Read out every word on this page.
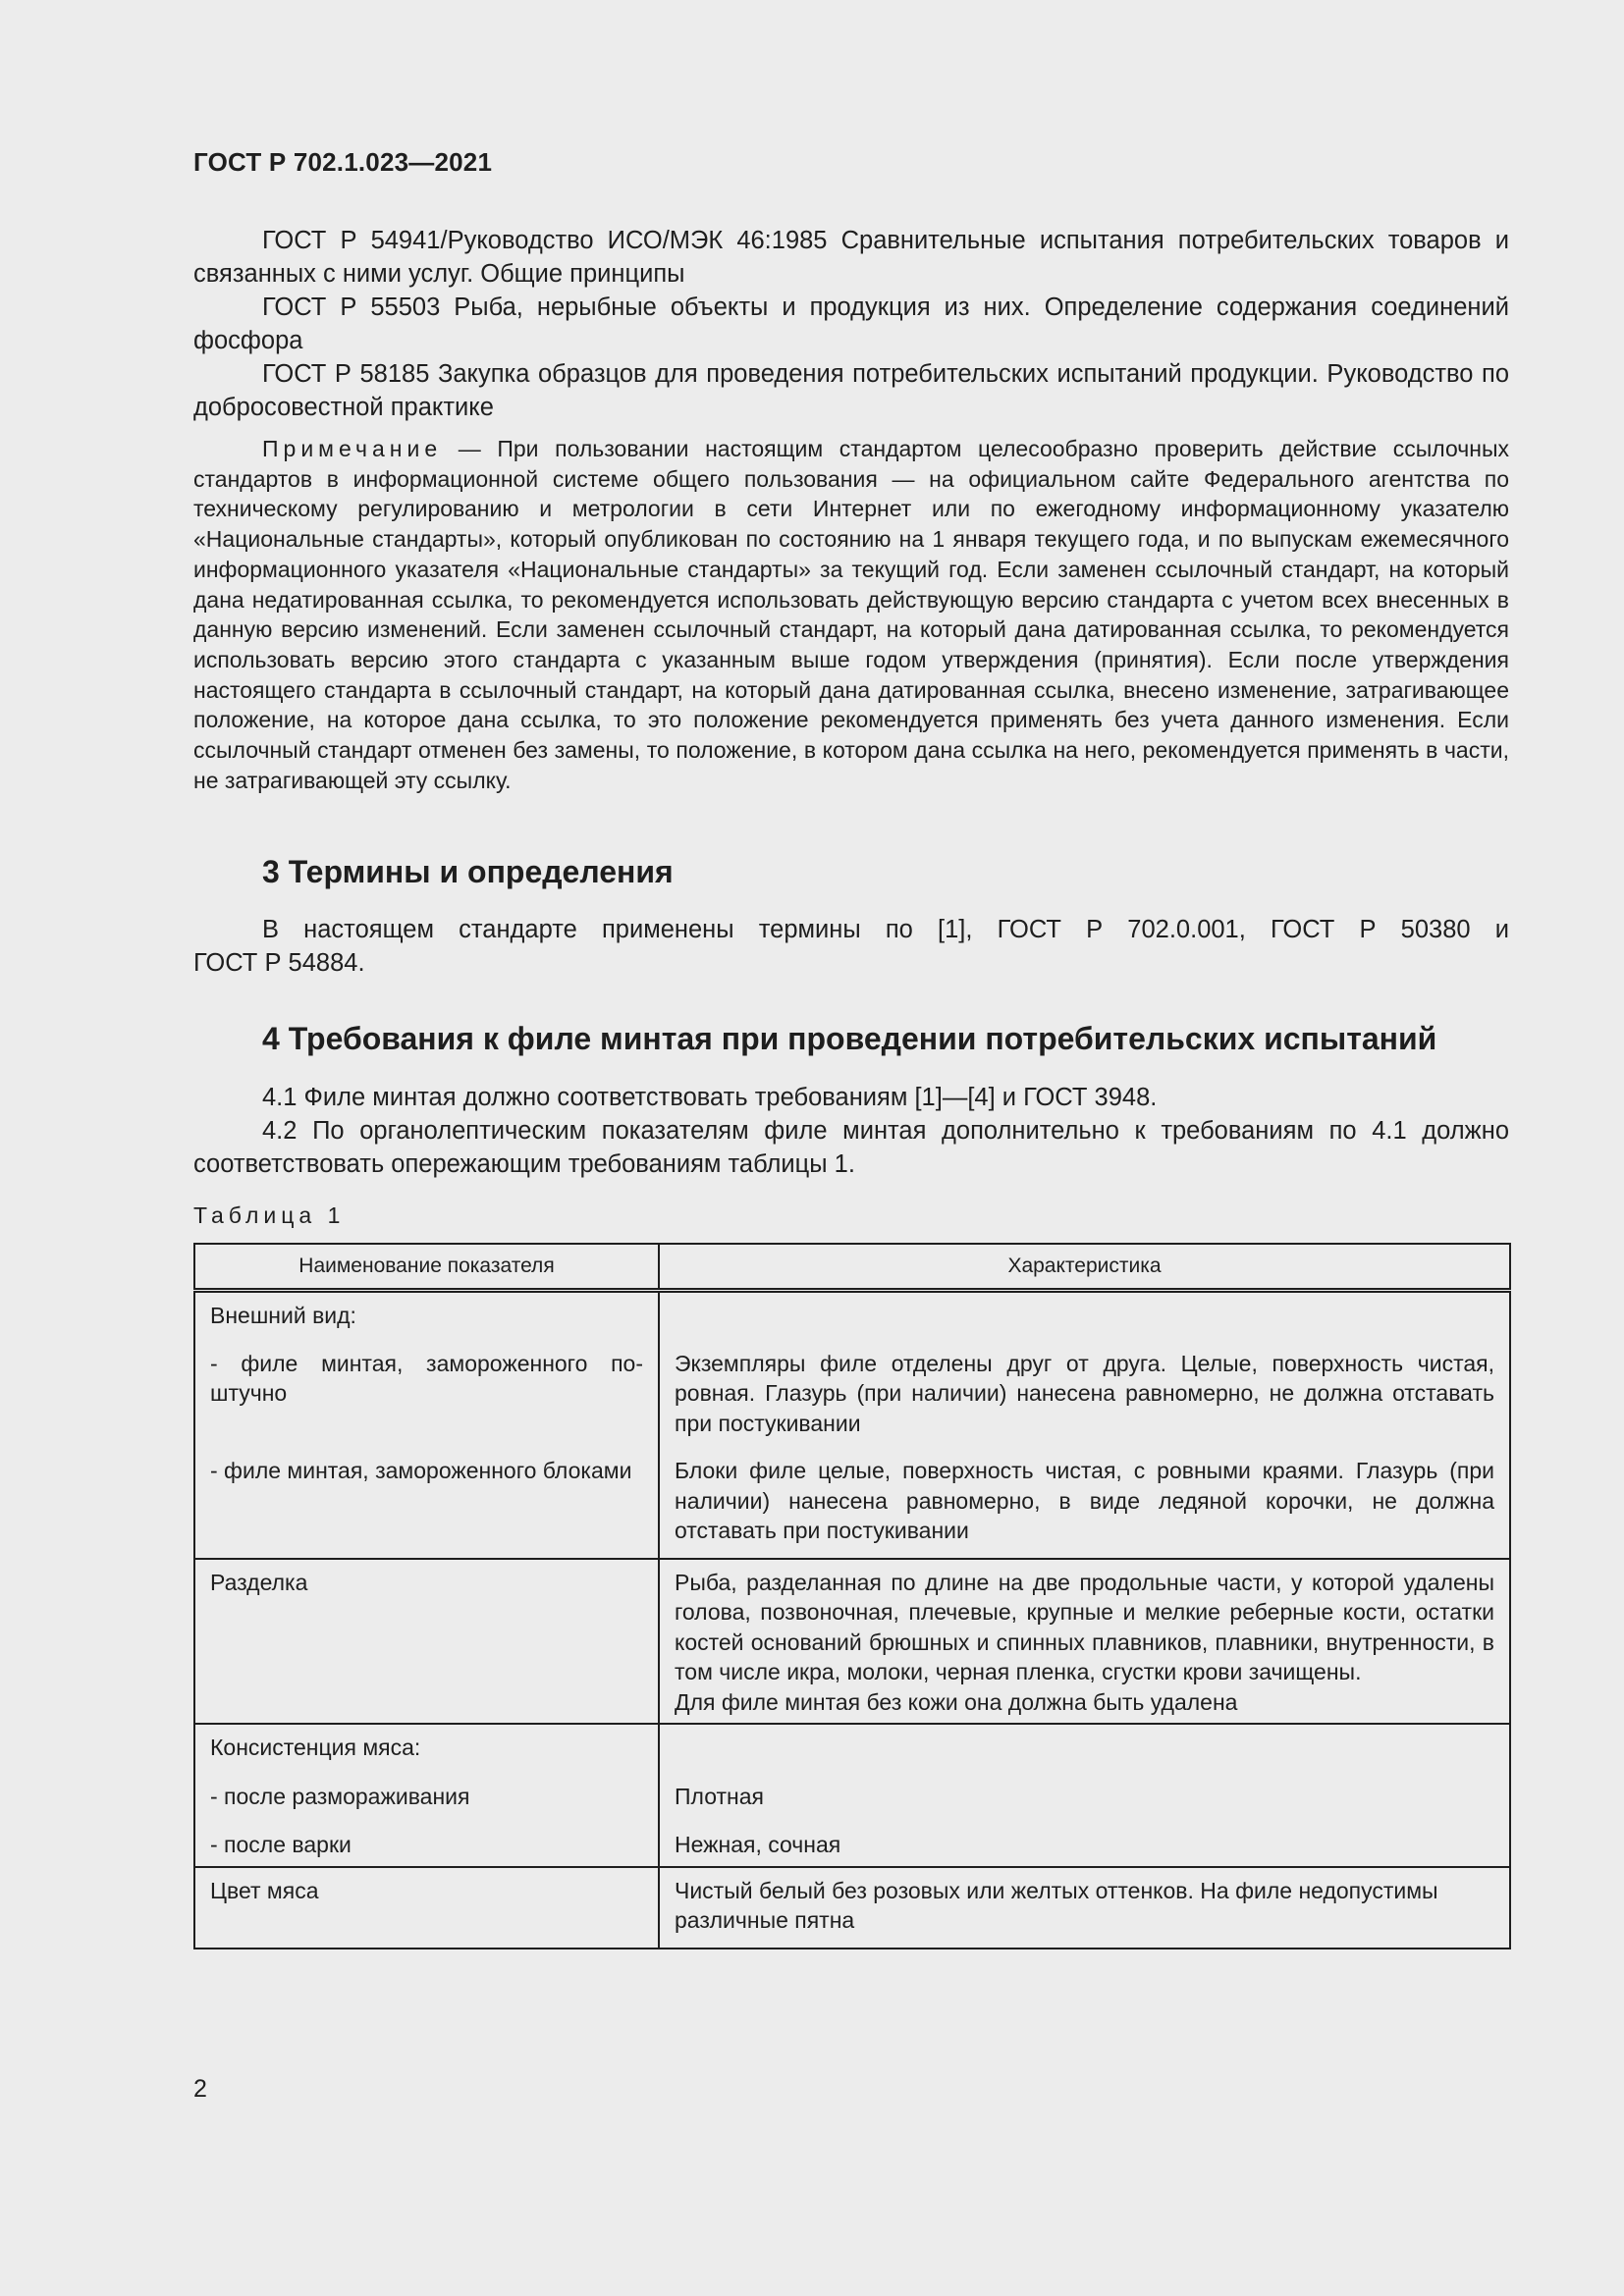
ГОСТ Р 702.1.023—2021

ГОСТ Р 54941/Руководство ИСО/МЭК 46:1985 Сравнительные испытания потребительских товаров и связанных с ними услуг. Общие принципы

ГОСТ Р 55503 Рыба, нерыбные объекты и продукция из них. Определение содержания соединений фосфора

ГОСТ Р 58185 Закупка образцов для проведения потребительских испытаний продукции. Руководство по добросовестной практике

Примечание — При пользовании настоящим стандартом целесообразно проверить действие ссылочных стандартов в информационной системе общего пользования — на официальном сайте Федерального агентства по техническому регулированию и метрологии в сети Интернет или по ежегодному информационному указателю «Национальные стандарты», который опубликован по состоянию на 1 января текущего года, и по выпускам ежемесячного информационного указателя «Национальные стандарты» за текущий год. Если заменен ссылочный стандарт, на который дана недатированная ссылка, то рекомендуется использовать действующую версию стандарта с учетом всех внесенных в данную версию изменений. Если заменен ссылочный стандарт, на который дана датированная ссылка, то рекомендуется использовать версию этого стандарта с указанным выше годом утверждения (принятия). Если после утверждения настоящего стандарта в ссылочный стандарт, на который дана датированная ссылка, внесено изменение, затрагивающее положение, на которое дана ссылка, то это положение рекомендуется применять без учета данного изменения. Если ссылочный стандарт отменен без замены, то положение, в котором дана ссылка на него, рекомендуется применять в части, не затрагивающей эту ссылку.

3 Термины и определения

В настоящем стандарте применены термины по [1], ГОСТ Р 702.0.001, ГОСТ Р 50380 и
ГОСТ Р 54884.

4 Требования к филе минтая при проведении потребительских испытаний

4.1 Филе минтая должно соответствовать требованиям [1]—[4] и ГОСТ 3948.

4.2 По органолептическим показателям филе минтая дополнительно к требованиям по 4.1 должно соответствовать опережающим требованиям таблицы 1.

Таблица 1

Наименование показателя	Характеристика
Внешний вид:	
- филе минтая, замороженного поштучно	Экземпляры филе отделены друг от друга. Целые, поверхность чистая, ровная. Глазурь (при наличии) нанесена равномерно, не должна отставать при постукивании
- филе минтая, замороженного блоками	Блоки филе целые, поверхность чистая, с ровными краями. Глазурь (при наличии) нанесена равномерно, в виде ледяной корочки, не должна отставать при постукивании
Разделка	Рыба, разделанная по длине на две продольные части, у которой удалены голова, позвоночная, плечевые, крупные и мелкие реберные кости, остатки костей оснований брюшных и спинных плавников, плавники, внутренности, в том числе икра, молоки, черная пленка, сгустки крови зачищены.
Для филе минтая без кожи она должна быть удалена

Консистенция мяса:	
- после размораживания	Плотная
- после варки	Нежная, сочная
Цвет мяса	Чистый белый без розовых или желтых оттенков. На филе недопустимы различные пятна
2
